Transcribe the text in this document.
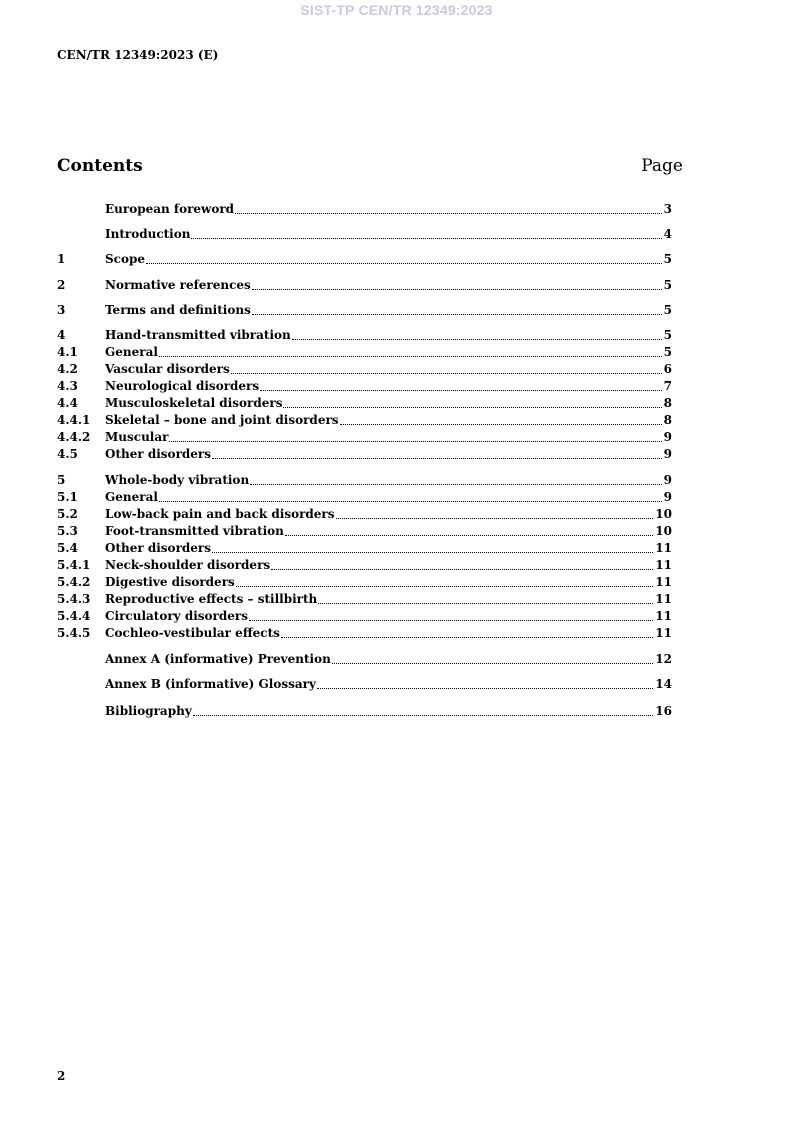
SIST-TP CEN/TR 12349:2023
CEN/TR 12349:2023 (E)
Contents	Page
European foreword	3
Introduction	4
1	Scope	5
2	Normative references	5
3	Terms and definitions	5
4	Hand-transmitted vibration	5
4.1	General	5
4.2	Vascular disorders	6
4.3	Neurological disorders	7
4.4	Musculoskeletal disorders	8
4.4.1	Skeletal – bone and joint disorders	8
4.4.2	Muscular	9
4.5	Other disorders	9
5	Whole-body vibration	9
5.1	General	9
5.2	Low-back pain and back disorders	10
5.3	Foot-transmitted vibration	10
5.4	Other disorders	11
5.4.1	Neck-shoulder disorders	11
5.4.2	Digestive disorders	11
5.4.3	Reproductive effects – stillbirth	11
5.4.4	Circulatory disorders	11
5.4.5	Cochleo-vestibular effects	11
Annex A (informative) Prevention	12
Annex B (informative) Glossary	14
Bibliography	16
2
